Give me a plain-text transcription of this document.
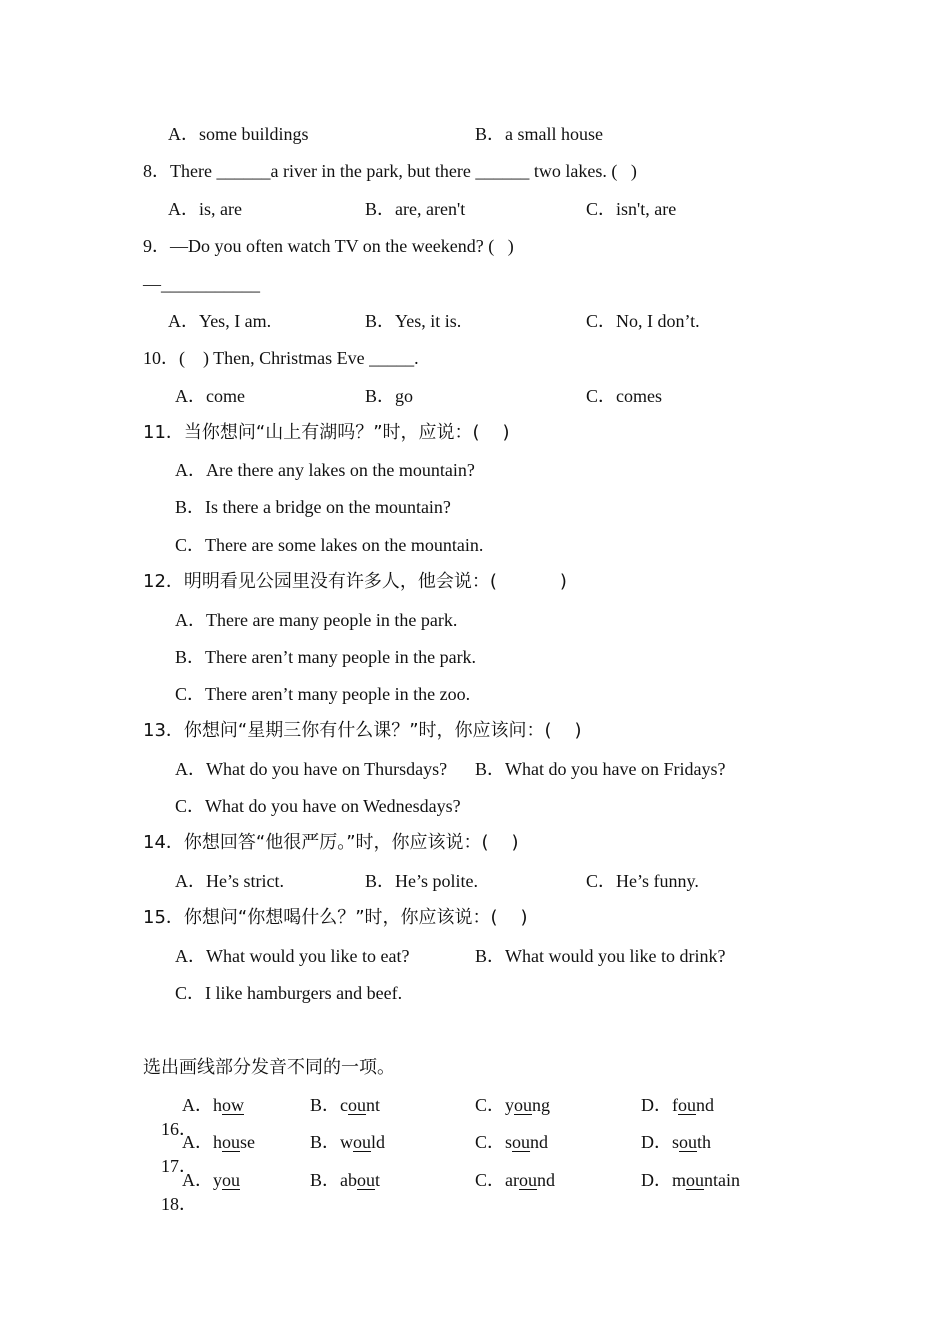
A．some buildings	B．a small house
8．There ______a river in the park, but there ______ two lakes. (   )
A．is, are	B．are, aren't	C．isn't, are
9．—Do you often watch TV on the weekend? (   )
—___________
A．Yes, I am.	B．Yes, it is.	C．No, I don’t.
10．(    ) Then, Christmas Eve _____.
A．come	B．go	C．comes
11．当你想问“山上有湖吗？”时，应说：(    )
A．Are there any lakes on the mountain?
B．Is there a bridge on the mountain?
C．There are some lakes on the mountain.
12．明明看见公园里没有许多人，他会说：(           )
A．There are many people in the park.
B．There aren’t many people in the park.
C．There aren’t many people in the zoo.
13．你想问“星期三你有什么课？”时，你应该问：(    )
A．What do you have on Thursdays? B．What do you have on Fridays?
C．What do you have on Wednesdays?
14．你想回答“他很严厉。”时，你应该说：(    )
A．He’s strict.	B．He’s polite.	C．He’s funny.
15．你想问“你想喝什么？”时，你应该说：(    )
A．What would you like to eat?	B．What would you like to drink?
C．I like hamburgers and beef.
选出画线部分发音不同的一项。

16．

A．how	B．count	C．young	D．found

17．

A．house	B．would	C．sound	D．south

18．

A．you	B．about	C．around	D．mountain
